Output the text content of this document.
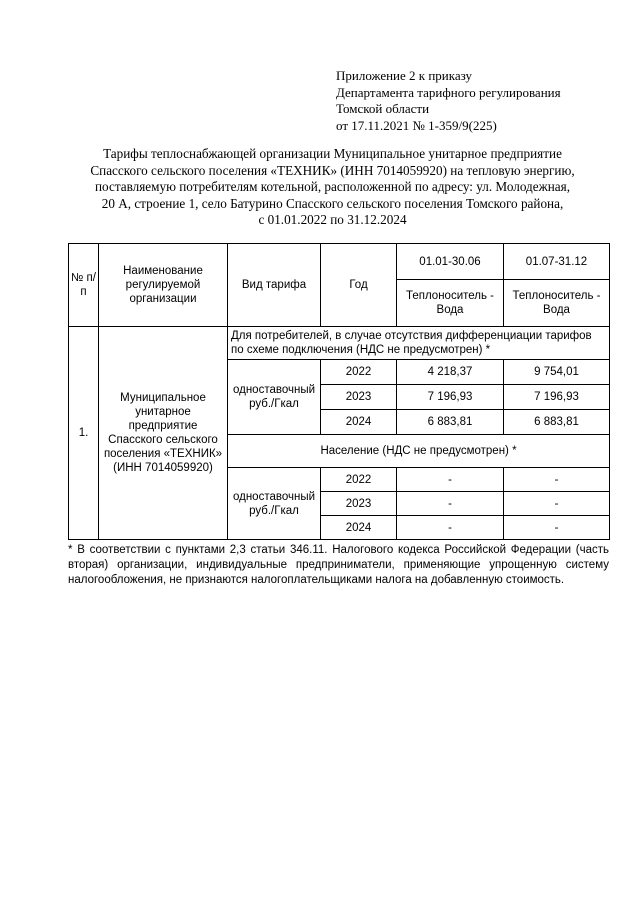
Приложение 2 к приказу
Департамента тарифного регулирования
Томской области
от 17.11.2021 № 1-359/9(225)
Тарифы теплоснабжающей организации Муниципальное унитарное предприятие
Спасского сельского поселения «ТЕХНИК» (ИНН 7014059920) на тепловую энергию,
поставляемую потребителям котельной, расположенной по адресу: ул. Молодежная,
20 А, строение 1, село Батурино Спасского сельского поселения Томского района,
с 01.01.2022 по 31.12.2024
№ п/п	Наименование регулируемой организации	Вид тарифа	Год	01.01-30.06	01.07-31.12
				Теплоноситель - Вода	Теплоноситель - Вода
1.	Муниципальное унитарное предприятие Спасского сельского поселения «ТЕХНИК» (ИНН 7014059920)	Для потребителей, в случае отсутствия дифференциации тарифов по схеме подключения (НДС не предусмотрен) *			
		одноставочный руб./Гкал	2022	4 218,37	9 754,01
			2023	7 196,93	7 196,93
			2024	6 883,81	6 883,81
		Население (НДС не предусмотрен) *			
		одноставочный руб./Гкал	2022	-	-
			2023	-	-
			2024	-	-
* В соответствии с пунктами 2,3 статьи 346.11. Налогового кодекса Российской Федерации (часть вторая) организации, индивидуальные предприниматели, применяющие упрощенную систему налогообложения, не признаются налогоплательщиками налога на добавленную стоимость.
